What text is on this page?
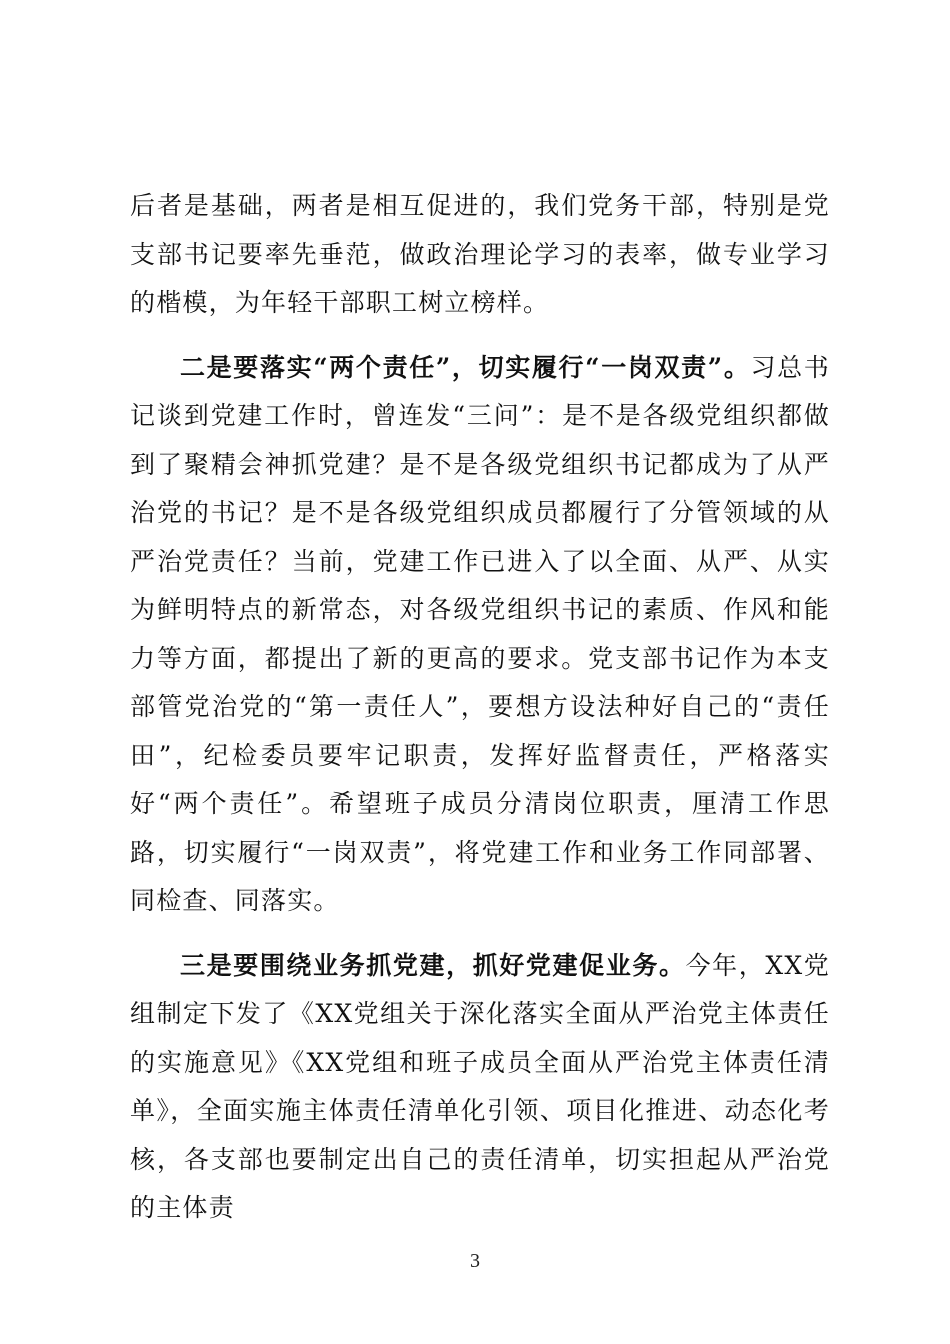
后者是基础，两者是相互促进的，我们党务干部，特别是党支部书记要率先垂范，做政治理论学习的表率，做专业学习的楷模，为年轻干部职工树立榜样。

二是要落实“两个责任”，切实履行“一岗双责”。习总书记谈到党建工作时，曾连发“三问”：是不是各级党组织都做到了聚精会神抓党建？是不是各级党组织书记都成为了从严治党的书记？是不是各级党组织成员都履行了分管领域的从严治党责任？当前，党建工作已进入了以全面、从严、从实为鲜明特点的新常态，对各级党组织书记的素质、作风和能力等方面，都提出了新的更高的要求。党支部书记作为本支部管党治党的“第一责任人”，要想方设法种好自己的“责任田”，纪检委员要牢记职责，发挥好监督责任，严格落实好“两个责任”。希望班子成员分清岗位职责，厘清工作思路，切实履行“一岗双责”，将党建工作和业务工作同部署、同检查、同落实。

三是要围绕业务抓党建，抓好党建促业务。今年，XX党组制定下发了《XX党组关于深化落实全面从严治党主体责任的实施意见》《XX党组和班子成员全面从严治党主体责任清单》，全面实施主体责任清单化引领、项目化推进、动态化考核，各支部也要制定出自己的责任清单，切实担起从严治党的主体责

3
